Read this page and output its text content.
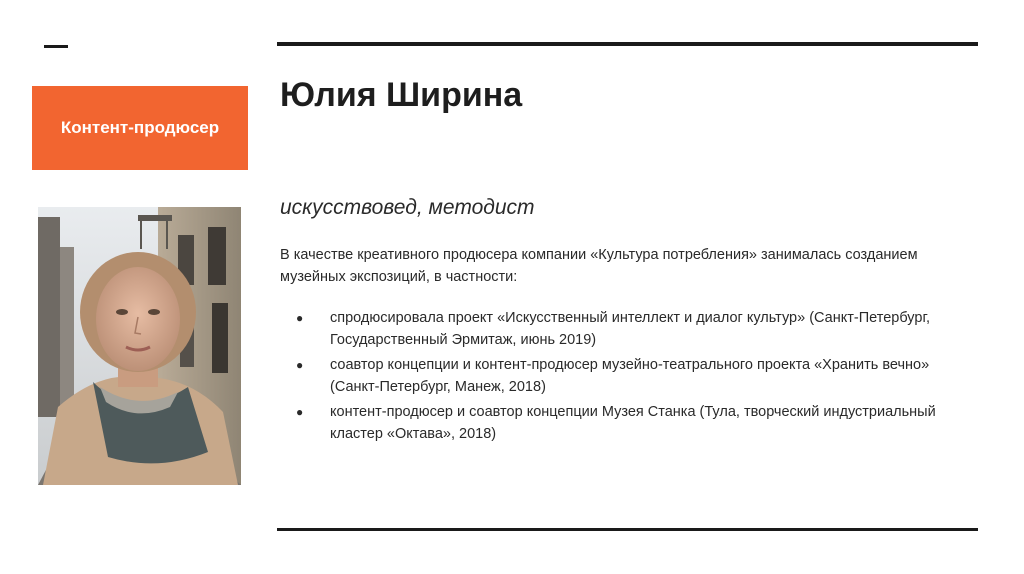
Контент-продюсер
Юлия Ширина
искусствовед, методист
В качестве креативного продюсера компании «Культура потребления» занималась созданием музейных экспозиций, в частности:
● спродюсировала проект «Искусственный интеллект и диалог культур» (Санкт-Петербург, Государственный Эрмитаж, июнь 2019)
● соавтор концепции и контент-продюсер музейно-театрального проекта «Хранить вечно» (Санкт-Петербург, Манеж, 2018)
● контент-продюсер и соавтор концепции Музея Станка (Тула, творческий индустриальный кластер «Октава», 2018)
